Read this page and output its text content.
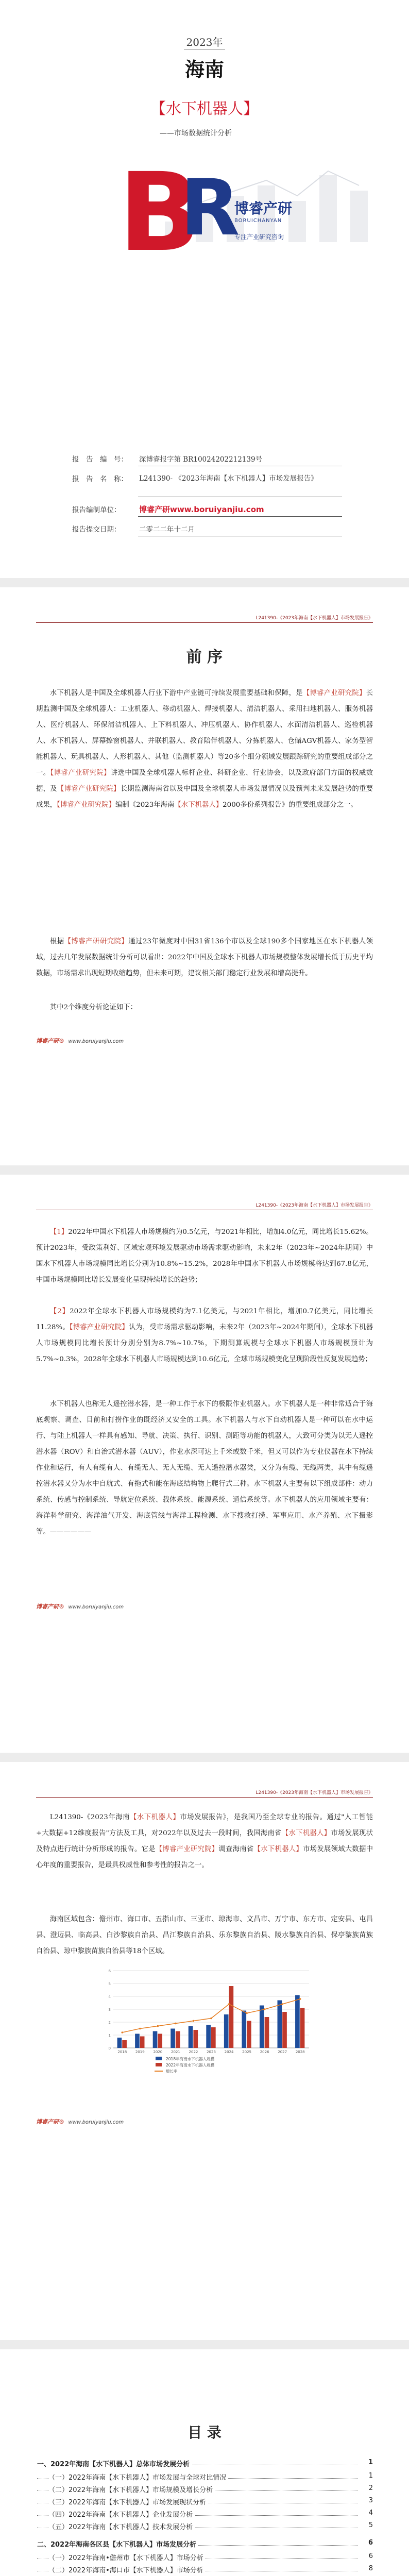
2023年
海南
【水下机器人】
——市场数据统计分析
B
R
博睿产研
BORUICHANYAN
专注产业研究咨询
报　告　编　号：	深博睿报字第 BR10024202212139号
报　告　名　称：	L241390- 《2023年海南【水下机器人】市场发展报告》
报告编制单位：	博睿产研www.boruiyanjiu.com
报告提交日期：	二零二二年十二月
L241390-《2023年海南【水下机器人】市场发展报告》
前 序
水下机器人是中国及全球机器人行业下游中产业链可持续发展重要基础和保障，是【博睿产业研究院】长期监测中国及全球机器人：工业机器人、移动机器人、焊接机器人、清洁机器人、采用扫地机器人、服务机器人、医疗机器人、环保清洁机器人、上下料机器人、冲压机器人、协作机器人、水面清洁机器人、巡检机器人、水下机器人、屏幕擦窗机器人、并联机器人、教育陪伴机器人、分拣机器人、仓储AGV机器人、家务型智能机器人、玩具机器人、人形机器人、其他（监测机器人）等20多个细分领域发展跟踪研究的重要组成部分之一。【博睿产业研究院】讲选中国及全球机器人标杆企业、科研企业、行业协会，以及政府部门方面的权威数据，及【博睿产业研究院】长期监测海南省以及中国及全球机器人市场发展情况以及预判未来发展趋势的重要成果，【博睿产业研究院】编制《2023年海南【水下机器人】2000多份系列报告》的重要组成部分之一。
根据【博睿产研研究院】通过23年微度对中国31省136个市以及全球190多个国家地区在水下机器人领域，过去几年发展数据统计分析可以看出：2022年中国及全球水下机器人市场规模整体发展增长低于历史平均数据，市场需求出现短期收缩趋势，但未来可期，建议相关部门稳定行业发展和增高提升。
其中2个维度分析论证如下：
博睿产研® www.boruiyanjiu.com
L241390-《2023年海南【水下机器人】市场发展报告》
【1】2022年中国水下机器人市场规模约为0.5亿元，与2021年相比，增加4.0亿元，同比增长15.62%。预计2023年，受政策利好、区域宏观环境发展驱动市场需求驱动影响，未来2年（2023年~2024年期间）中国水下机器人市场规模同比增长分别为10.8%~15.2%，2028年中国水下机器人市场规模将达到67.8亿元，中国市场规模同比增长发展变化呈现持续增长的趋势；
【2】2022年全球水下机器人市场规模约为7.1亿美元，与2021年相比，增加0.7亿美元，同比增长11.28%。【博睿产业研究院】认为，受市场需求驱动影响，未来2年（2023年~2024年期间），全球水下机器人市场规模同比增长预计分别分别为8.7%~10.7%，下期测算规模与全球水下机器人市场规模预计为5.7%~0.3%，2028年全球水下机器人市场规模达到10.6亿元，全球市场规模变化呈现阶段性反复发展趋势；
水下机器人也称无人遥控潜水器，是一种工作于水下的极限作业机器人。水下机器人是一种非常适合于海底观察、调查、目前和打捞作业的既经济又安全的工具。水下机器人与水下自动机器人是一种可以在水中运行、与陆上机器人一样具有感知、导航、决策、执行、识别、测距等功能的机器人，大致可分类为以无人遥控潜水器（ROV）和自治式潜水器（AUV），作业水深可达上千米或数千米，但又可以作为专业仪器在水下持续作业和运行，有人有缆有人、有缆无人、无人无缆、无人遥控潜水器类，又分为有缆、无缆两类，其中有缆遥控潜水器又分为水中自航式、有拖式和能在海底结构物上爬行式三种。水下机器人主要有以下组成部件：动力系统、传感与控制系统、导航定位系统、载体系统、能源系统、通信系统等。水下机器人的应用领域主要有：海洋科学研究、海洋油气开发、海底管线与海洋工程检测、水下搜救打捞、军事应用、水产养殖、水下摄影等。——————
博睿产研® www.boruiyanjiu.com
L241390-《2023年海南【水下机器人】市场发展报告》
L241390-《2023年海南【水下机器人】市场发展报告》，是我国乃至全球专业的报告。通过"人工智能+大数据+12维度报告"方法及工具，对2022年以及过去一段时间，我国海南省【水下机器人】市场发展现状及特点进行统计分析形成的报告。它是【博睿产业研究院】调查海南省【水下机器人】市场发展领域大数据中心年度的重要报告，是最具权威性和参考性的报告之一。
海南区域包含：儋州市、海口市、五指山市、三亚市、琼海市、文昌市、万宁市、东方市、定安县、屯昌县、澄迈县、临高县、白沙黎族自治县、昌江黎族自治县、乐东黎族自治县、陵水黎族自治县、保亭黎族苗族自治县、琼中黎族苗族自治县等18个区域。
0
1
2
3
4
5
6
2018 2019 2020 2021 2022 2023 2024 2025 2026 2027 2028
2018年海南水下机器人规模
2022年海南水下机器人规模
增长率
博睿产研® www.boruiyanjiu.com
目 录
一、2022年海南【水下机器人】总体市场发展分析	1
（一）2022年海南【水下机器人】市场发展与全球对比情况	1
（二）2022年海南【水下机器人】市场规模及增长分析	2
（三）2022年海南【水下机器人】市场发展现状分析	3
（四）2022年海南【水下机器人】企业发展分析	4
（五）2022年海南【水下机器人】技术发展分析	5
二、2022年海南各区县【水下机器人】市场发展分析	6
（一）2022年海南•儋州市【水下机器人】市场分析	6
（二）2022年海南•海口市【水下机器人】市场分析	8
